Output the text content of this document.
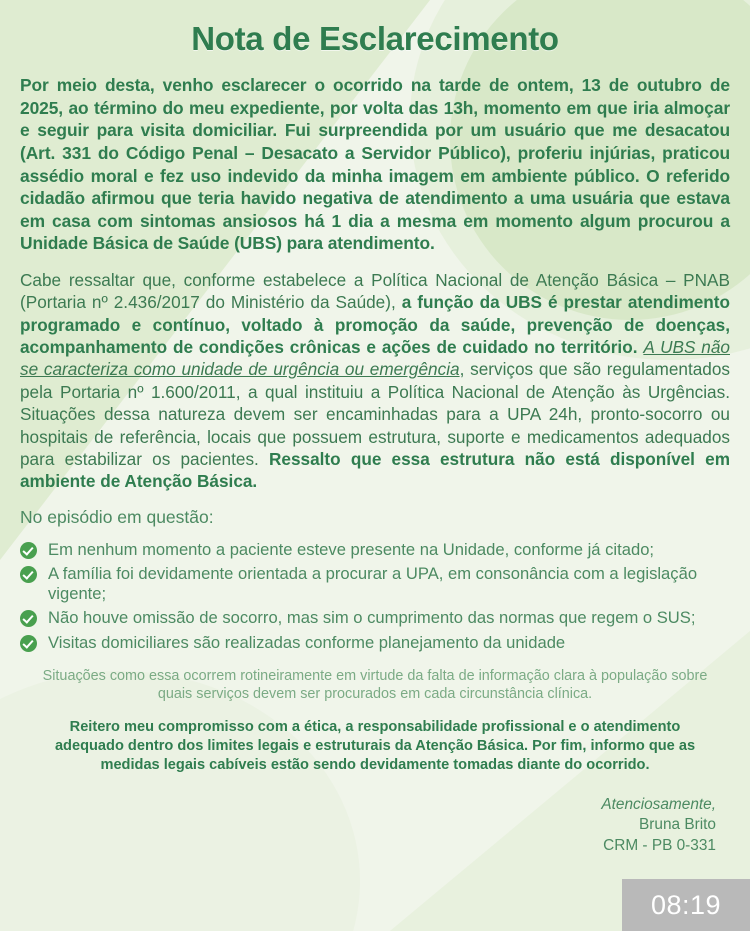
Nota de Esclarecimento

Por meio desta, venho esclarecer o ocorrido na tarde de ontem, 13 de outubro de 2025, ao término do meu expediente, por volta das 13h, momento em que iria almoçar e seguir para visita domiciliar. Fui surpreendida por um usuário que me desacatou (Art. 331 do Código Penal – Desacato a Servidor Público), proferiu injúrias, praticou assédio moral e fez uso indevido da minha imagem em ambiente público. O referido cidadão afirmou que teria havido negativa de atendimento a uma usuária que estava em casa com sintomas ansiosos há 1 dia a mesma em momento algum procurou a Unidade Básica de Saúde (UBS) para atendimento.

Cabe ressaltar que, conforme estabelece a Política Nacional de Atenção Básica – PNAB (Portaria nº 2.436/2017 do Ministério da Saúde), a função da UBS é prestar atendimento programado e contínuo, voltado à promoção da saúde, prevenção de doenças, acompanhamento de condições crônicas e ações de cuidado no território. A UBS não se caracteriza como unidade de urgência ou emergência, serviços que são regulamentados pela Portaria nº 1.600/2011, a qual instituiu a Política Nacional de Atenção às Urgências. Situações dessa natureza devem ser encaminhadas para a UPA 24h, pronto-socorro ou hospitais de referência, locais que possuem estrutura, suporte e medicamentos adequados para estabilizar os pacientes. Ressalto que essa estrutura não está disponível em ambiente de Atenção Básica.

No episódio em questão:

Em nenhum momento a paciente esteve presente na Unidade, conforme já citado;
A família foi devidamente orientada a procurar a UPA, em consonância com a legislação vigente;
Não houve omissão de socorro, mas sim o cumprimento das normas que regem o SUS;
Visitas domiciliares são realizadas conforme planejamento da unidade

Situações como essa ocorrem rotineiramente em virtude da falta de informação clara à população sobre quais serviços devem ser procurados em cada circunstância clínica.

Reitero meu compromisso com a ética, a responsabilidade profissional e o atendimento adequado dentro dos limites legais e estruturais da Atenção Básica. Por fim, informo que as medidas legais cabíveis estão sendo devidamente tomadas diante do ocorrido.

Atenciosamente,
Bruna Brito
CRM - PB 0-331
08:19
